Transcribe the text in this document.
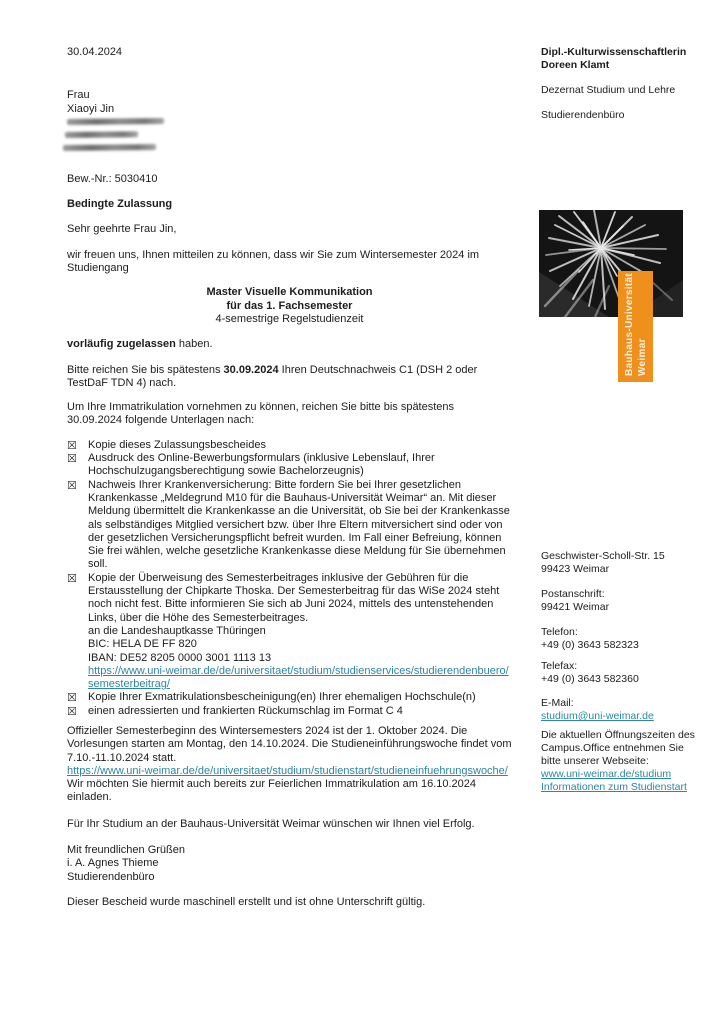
30.04.2024

Frau

Xiaoyi Jin

Bew.-Nr.: 5030410

Bedingte Zulassung

Sehr geehrte Frau Jin,

wir freuen uns, Ihnen mitteilen zu können, dass wir Sie zum Wintersemester 2024 im Studiengang

Master Visuelle Kommunikation

für das 1. Fachsemester

4-semestrige Regelstudienzeit

vorläufig zugelassen haben.

Bitte reichen Sie bis spätestens 30.09.2024 Ihren Deutschnachweis C1 (DSH 2 oder TestDaF TDN 4) nach.

Um Ihre Immatrikulation vornehmen zu können, reichen Sie bitte bis spätestens 30.09.2024 folgende Unterlagen nach:

☒	Kopie dieses Zulassungsbescheides
☒	Ausdruck des Online-Bewerbungsformulars (inklusive Lebenslauf, Ihrer Hochschulzugangsberechtigung sowie Bachelorzeugnis)
☒	Nachweis Ihrer Krankenversicherung: Bitte fordern Sie bei Ihrer gesetzlichen Krankenkasse „Meldegrund M10 für die Bauhaus-Universität Weimar“ an. Mit dieser Meldung übermittelt die Krankenkasse an die Universität, ob Sie bei der Krankenkasse als selbständiges Mitglied versichert bzw. über Ihre Eltern mitversichert sind oder von der gesetzlichen Versicherungspflicht befreit wurden. Im Fall einer Befreiung, können Sie frei wählen, welche gesetzliche Krankenkasse diese Meldung für Sie übernehmen soll.
☒	Kopie der Überweisung des Semesterbeitrages inklusive der Gebühren für die Erstausstellung der Chipkarte Thoska. Der Semesterbeitrag für das WiSe 2024 steht noch nicht fest. Bitte informieren Sie sich ab Juni 2024, mittels des untenstehenden Links, über die Höhe des Semesterbeitrages.

an die Landeshauptkasse Thüringen

BIC: HELA DE FF 820

IBAN: DE52 8205 0000 3001 1113 13

https://www.uni-weimar.de/de/universitaet/studium/studienservices/studierendenbuero/semesterbeitrag/

☒	Kopie Ihrer Exmatrikulationsbescheinigung(en) Ihrer ehemaligen Hochschule(n)
☒	einen adressierten und frankierten Rückumschlag im Format C 4

Offizieller Semesterbeginn des Wintersemesters 2024 ist der 1. Oktober 2024. Die Vorlesungen starten am Montag, den 14.10.2024. Die Studieneinführungswoche findet vom 7.10.-11.10.2024 statt.

https://www.uni-weimar.de/de/universitaet/studium/studienstart/studieneinfuehrungswoche/

Wir möchten Sie hiermit auch bereits zur Feierlichen Immatrikulation am 16.10.2024 einladen.

Für Ihr Studium an der Bauhaus-Universität Weimar wünschen wir Ihnen viel Erfolg.

Mit freundlichen Grüßen

i. A. Agnes Thieme

Studierendenbüro

Dieser Bescheid wurde maschinell erstellt und ist ohne Unterschrift gültig.

Dipl.-Kulturwissenschaftlerin

Doreen Klamt

Dezernat Studium und Lehre
Studierendenbüro
Bauhaus-Universität Weimar

Geschwister-Scholl-Str. 15

99423 Weimar

Postanschrift:

99421 Weimar

Telefon:

+49 (0) 3643 582323

Telefax:

+49 (0) 3643 582360

E-Mail:

studium@uni-weimar.de

Die aktuellen Öffnungszeiten des Campus.Office entnehmen Sie bitte unserer Webseite:

www.uni-weimar.de/studium

Informationen zum Studienstart
